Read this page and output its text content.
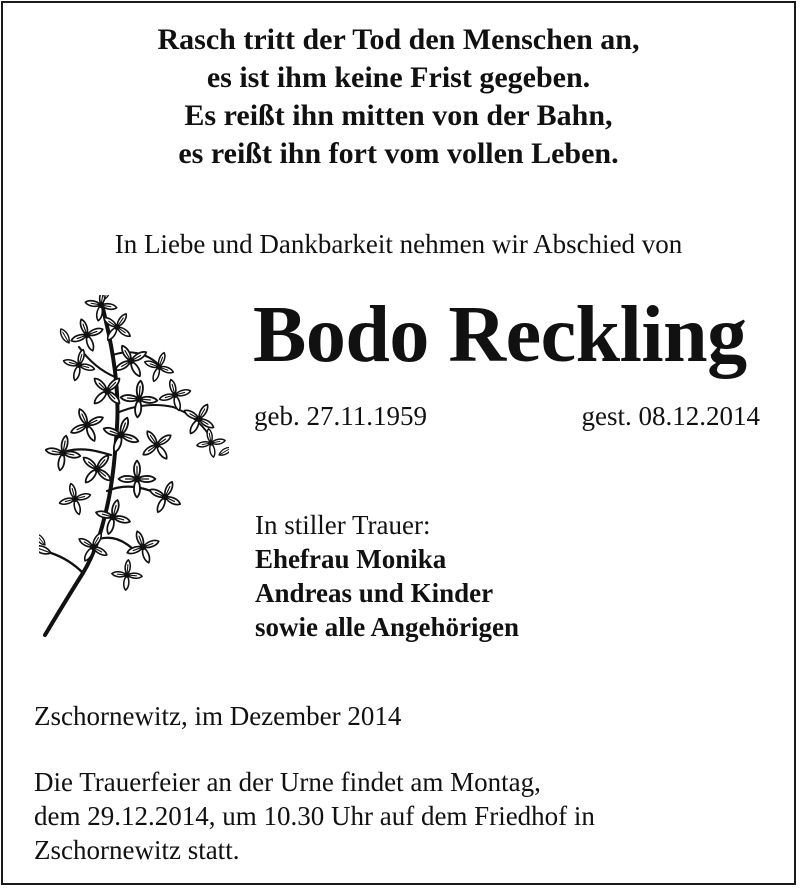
Rasch tritt der Tod den Menschen an,
es ist ihm keine Frist gegeben.
Es reißt ihn mitten von der Bahn,
es reißt ihn fort vom vollen Leben.
In Liebe und Dankbarkeit nehmen wir Abschied von
Bodo Reckling
geb. 27.11.1959	gest. 08.12.2014
In stiller Trauer:
Ehefrau Monika
Andreas und Kinder
sowie alle Angehörigen
Zschornewitz, im Dezember 2014
Die Trauerfeier an der Urne findet am Montag,
dem 29.12.2014, um 10.30 Uhr auf dem Friedhof in
Zschornewitz statt.
